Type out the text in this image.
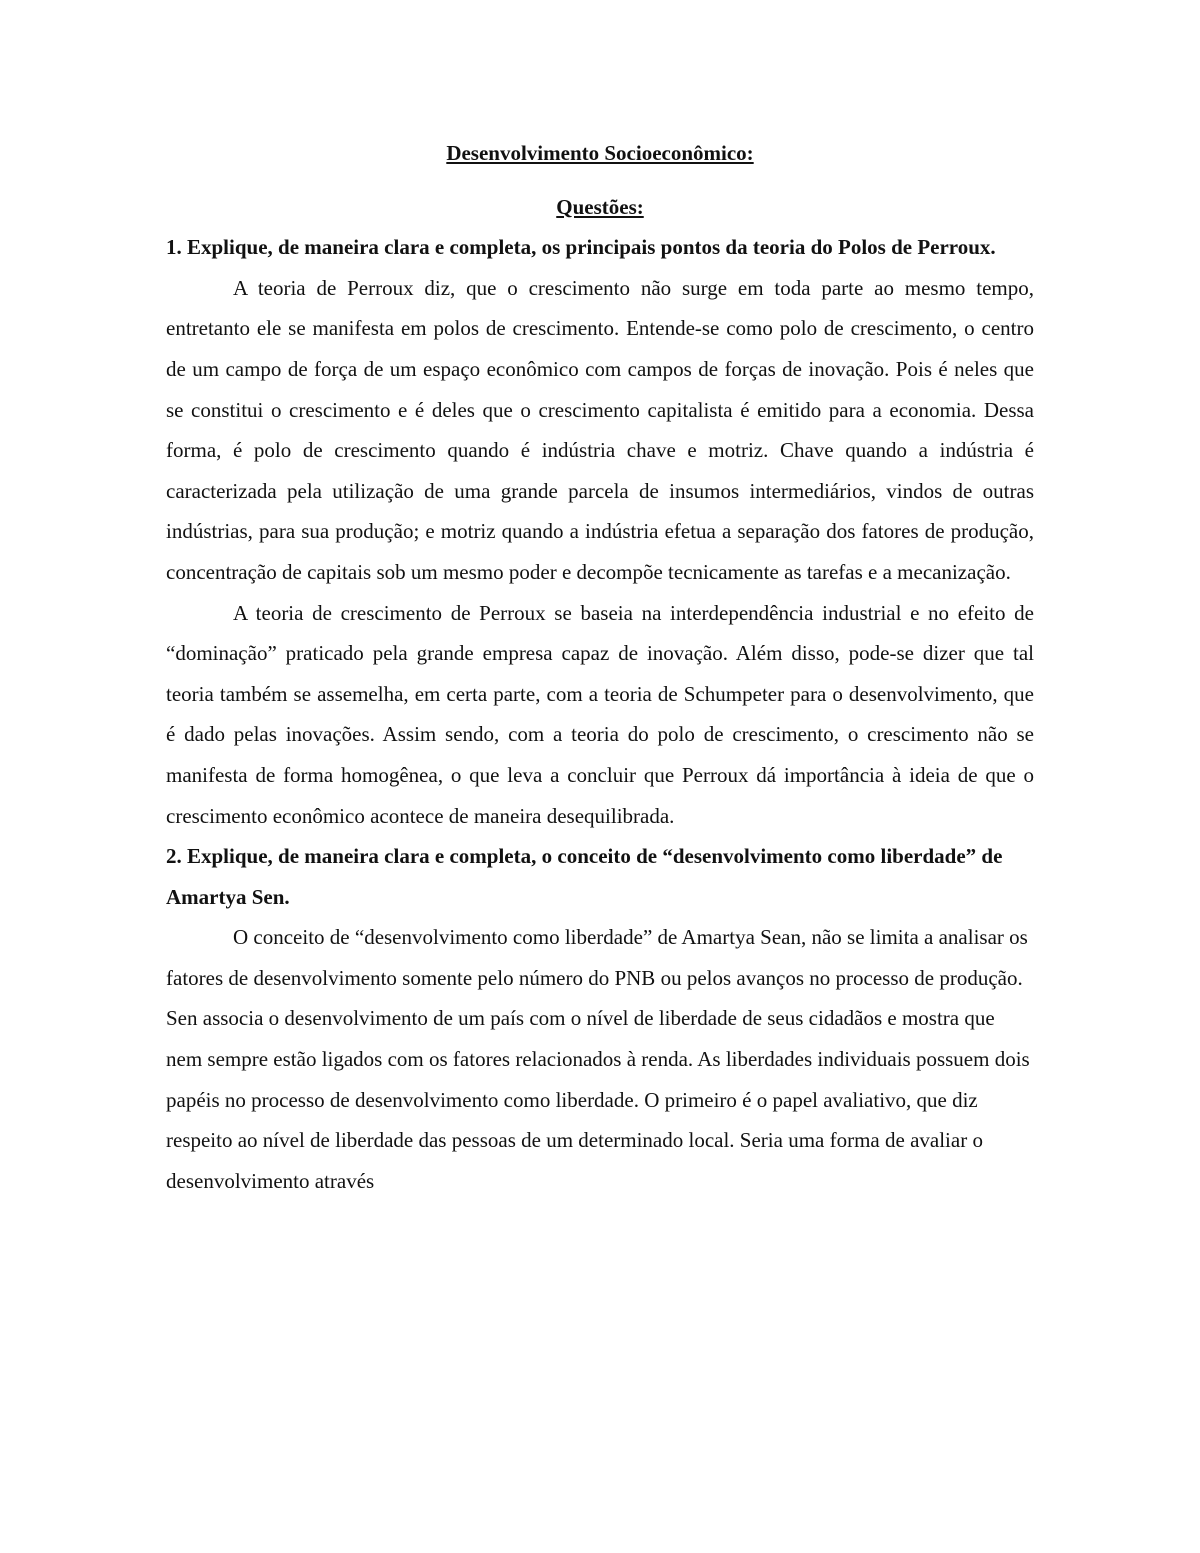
Desenvolvimento Socioeconômico:

Questões:

1. Explique, de maneira clara e completa, os principais pontos da teoria do Polos de Perroux.

A teoria de Perroux diz, que o crescimento não surge em toda parte ao mesmo tempo, entretanto ele se manifesta em polos de crescimento. Entende-se como polo de crescimento, o centro de um campo de força de um espaço econômico com campos de forças de inovação. Pois é neles que se constitui o crescimento e é deles que o crescimento capitalista é emitido para a economia. Dessa forma, é polo de crescimento quando é indústria chave e motriz. Chave quando a indústria é caracterizada pela utilização de uma grande parcela de insumos intermediários, vindos de outras indústrias, para sua produção; e motriz quando a indústria efetua a separação dos fatores de produção, concentração de capitais sob um mesmo poder e decompõe tecnicamente as tarefas e a mecanização.

A teoria de crescimento de Perroux se baseia na interdependência industrial e no efeito de “dominação” praticado pela grande empresa capaz de inovação. Além disso, pode-se dizer que tal teoria também se assemelha, em certa parte, com a teoria de Schumpeter para o desenvolvimento, que é dado pelas inovações. Assim sendo, com a teoria do polo de crescimento, o crescimento não se manifesta de forma homogênea, o que leva a concluir que Perroux dá importância à ideia de que o crescimento econômico acontece de maneira desequilibrada.

2. Explique, de maneira clara e completa, o conceito de “desenvolvimento como liberdade” de Amartya Sen.

O conceito de “desenvolvimento como liberdade” de Amartya Sean, não se limita a analisar os fatores de desenvolvimento somente pelo número do PNB ou pelos avanços no processo de produção. Sen associa o desenvolvimento de um país com o nível de liberdade de seus cidadãos e mostra que nem sempre estão ligados com os fatores relacionados à renda. As liberdades individuais possuem dois papéis no processo de desenvolvimento como liberdade. O primeiro é o papel avaliativo, que diz respeito ao nível de liberdade das pessoas de um determinado local. Seria uma forma de avaliar o desenvolvimento através
